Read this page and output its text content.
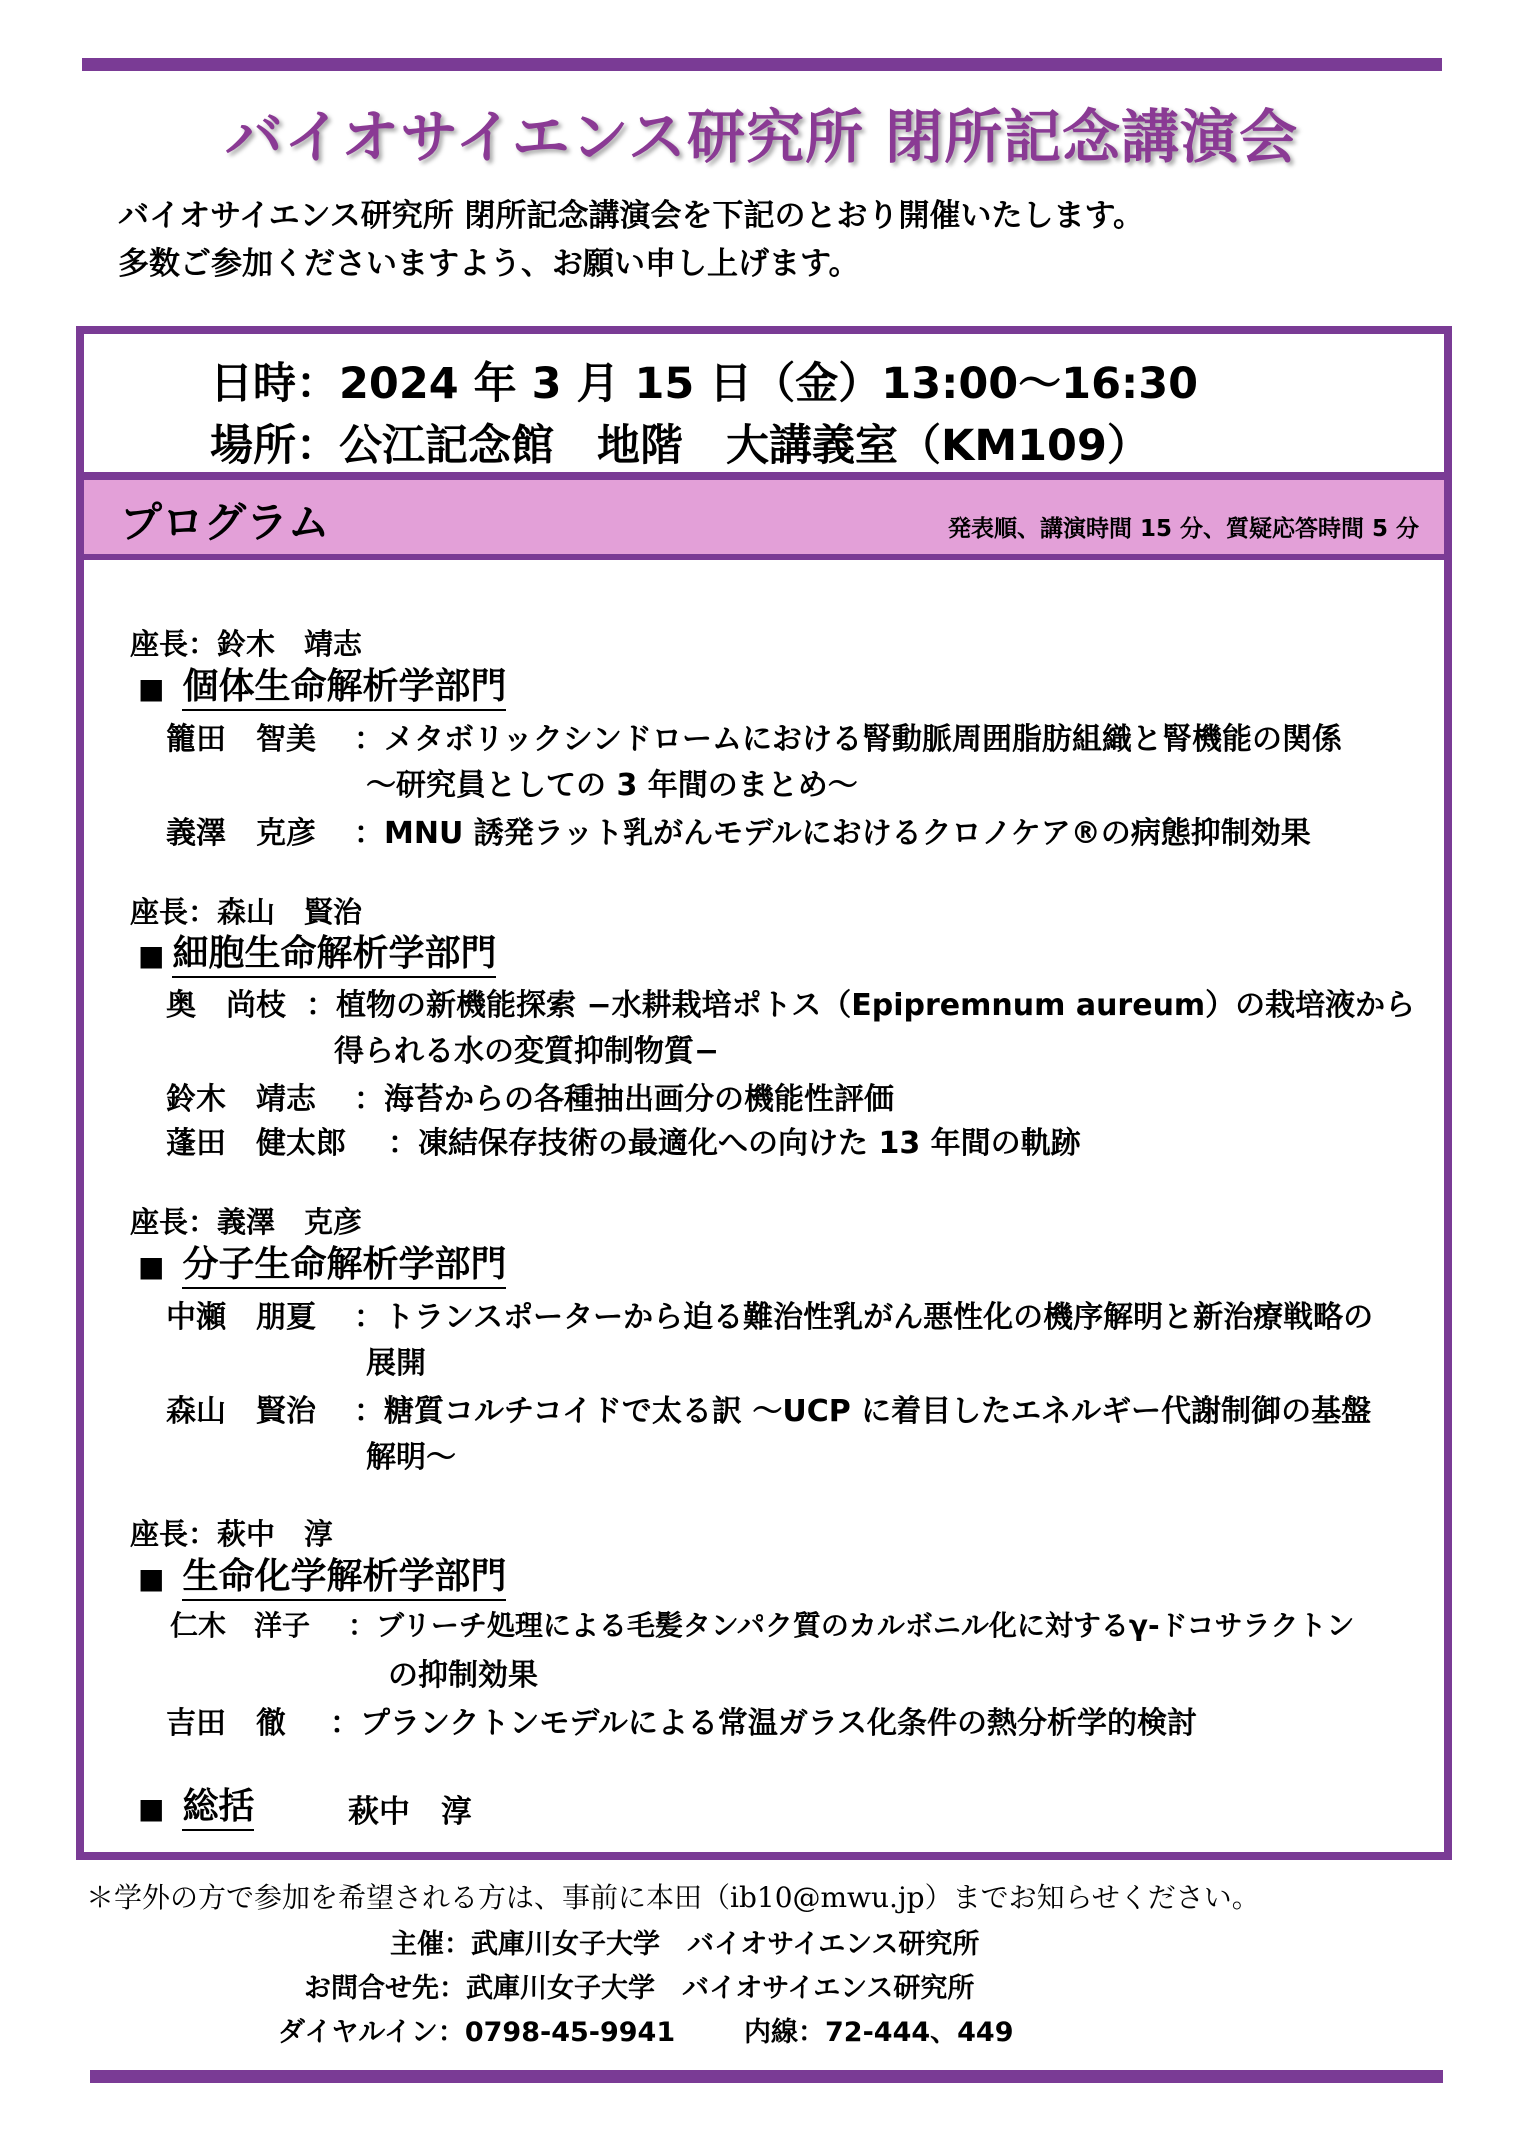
バイオサイエンス研究所 閉所記念講演会
バイオサイエンス研究所 閉所記念講演会を下記のとおり開催いたします。
多数ご参加くださいますよう、お願い申し上げます。
日時：2024 年 3 月 15 日（金）13:00～16:30
場所：公江記念館　地階　大講義室（KM109）
プログラム	発表順、講演時間 15 分、質疑応答時間 5 分
座長：鈴木　靖志
■ 個体生命解析学部門
籠田　智美 ：メタボリックシンドロームにおける腎動脈周囲脂肪組織と腎機能の関係
～研究員としての 3 年間のまとめ～
義澤　克彦 ：MNU 誘発ラット乳がんモデルにおけるクロノケア®の病態抑制効果
座長：森山　賢治
■ 細胞生命解析学部門
奥　尚枝 ：植物の新機能探索 −水耕栽培ポトス（Epipremnum aureum）の栽培液から
得られる水の変質抑制物質−
鈴木　靖志 ：海苔からの各種抽出画分の機能性評価
蓬田　健太郎 ：凍結保存技術の最適化への向けた 13 年間の軌跡
座長：義澤　克彦
■ 分子生命解析学部門
中瀬　朋夏 ：トランスポーターから迫る難治性乳がん悪性化の機序解明と新治療戦略の
展開
森山　賢治 ：糖質コルチコイドで太る訳 ～UCP に着目したエネルギー代謝制御の基盤
解明～
座長：萩中　淳
■ 生命化学解析学部門
仁木　洋子 ：ブリーチ処理による毛髪タンパク質のカルボニル化に対するγ-ドコサラクトン
の抑制効果
吉田　徹 ：プランクトンモデルによる常温ガラス化条件の熱分析学的検討
■ 総括	萩中　淳
＊学外の方で参加を希望される方は、事前に本田（ib10@mwu.jp）までお知らせください。
主催：武庫川女子大学　バイオサイエンス研究所
お問合せ先：武庫川女子大学　バイオサイエンス研究所
ダイヤルイン：0798-45-9941	内線：72-444、449
